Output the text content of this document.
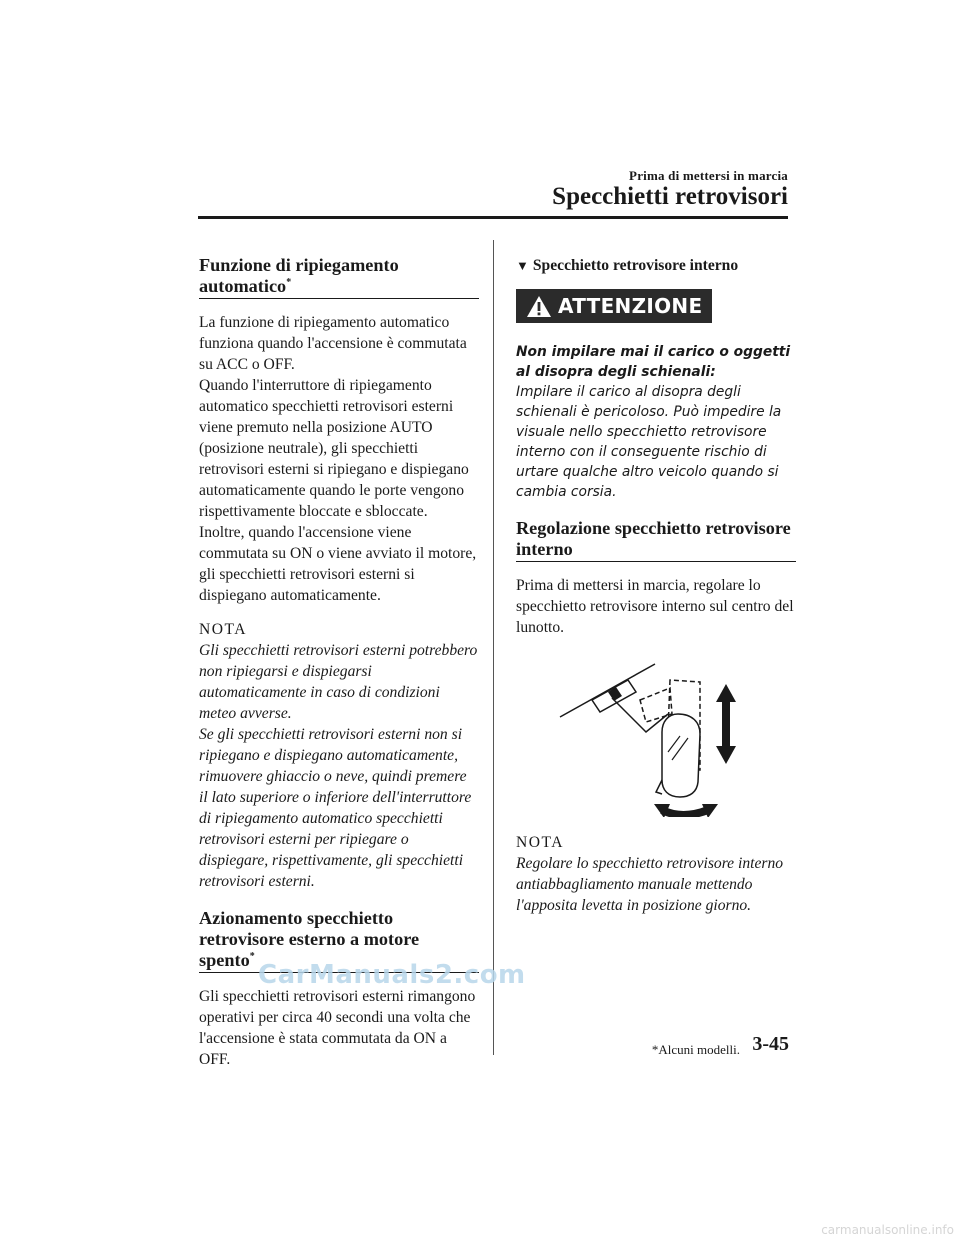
Prima di mettersi in marcia
Specchietti retrovisori
Funzione di ripiegamento automatico*

La funzione di ripiegamento automatico funziona quando l'accensione è commutata su ACC o OFF.

Quando l'interruttore di ripiegamento automatico specchietti retrovisori esterni viene premuto nella posizione AUTO (posizione neutrale), gli specchietti retrovisori esterni si ripiegano e dispiegano automaticamente quando le porte vengono rispettivamente bloccate e sbloccate.

Inoltre, quando l'accensione viene commutata su ON o viene avviato il motore, gli specchietti retrovisori esterni si dispiegano automaticamente.

NOTA

Gli specchietti retrovisori esterni potrebbero non ripiegarsi e dispiegarsi automaticamente in caso di condizioni meteo avverse.

Se gli specchietti retrovisori esterni non si ripiegano e dispiegano automaticamente, rimuovere ghiaccio o neve, quindi premere il lato superiore o inferiore dell'interruttore di ripiegamento automatico specchietti retrovisori esterni per ripiegare o dispiegare, rispettivamente, gli specchietti retrovisori esterni.

Azionamento specchietto retrovisore esterno a motore spento*

Gli specchietti retrovisori esterni rimangono operativi per circa 40 secondi una volta che l'accensione è stata commutata da ON a OFF.

▼ Specchietto retrovisore interno
ATTENZIONE

Non impilare mai il carico o oggetti al disopra degli schienali:
Impilare il carico al disopra degli schienali è pericoloso. Può impedire la visuale nello specchietto retrovisore interno con il conseguente rischio di urtare qualche altro veicolo quando si cambia corsia.

Regolazione specchietto retrovisore interno

Prima di mettersi in marcia, regolare lo specchietto retrovisore interno sul centro del lunotto.

NOTA

Regolare lo specchietto retrovisore interno antiabbagliamento manuale mettendo l'apposita levetta in posizione giorno.

*Alcuni modelli. 3-45
CarManuals2.com
carmanualsonline.info
